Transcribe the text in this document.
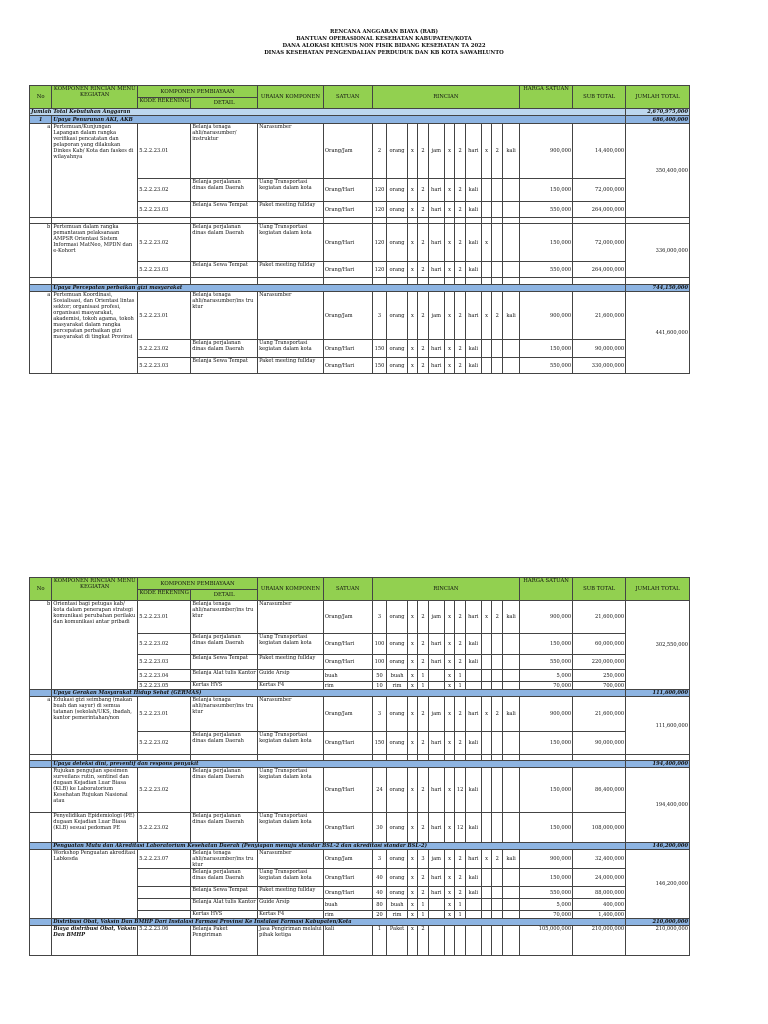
RENCANA ANGGARAN BIAYA (RAB)
BANTUAN OPERASIONAL KESEHATAN KABUPATEN/KOTA
DANA ALOKASI KHUSUS NON FISIK BIDANG KESEHATAN TA 2022
DINAS KESEHATAN PENGENDALIAN PERDUDUK DAN KB KOTA SAWAHLUNTO
No	KOMPONEN RINCIAN MENU KEGIATAN	KOMPONEN PEMBIAYAAN		URAIAN KOMPONEN	SATUAN	RINCIAN											HARGA SATUAN	SUB TOTAL	JUMLAH TOTAL
		KODE REKENING	DETAIL																
Jumlah Total Kebutuhan Anggaran																			2,670,975,000
1	Upaya Penurunan AKI, AKB																		686,400,000
a	Pertemuan/Kunjungan Lapangan dalam rangka verifikasi pencatatan dan pelaporan yang dilakukan Dinkes Kab/ Kota dan faskes di wilayahnya	5.2.2.23.01	Belanja tenaga ahli/narasumber/ instruktur	Narasumber	Orang/Jam	2	orang	x	2	jam	x	2	hari	x	2	kali	900,000	14,400,000	350,400,000
		5.2.2.23.02	Belanja perjalanan dinas dalam Daerah	Uang Transportasi kegiatan dalam kota	Orang/Hari	120	orang	x	2	hari	x	2	kali				150,000	72,000,000	
		5.2.2.23.03	Belanja Sewa Tempat	Paket meeting fullday	Orang/Hari	120	orang	x	2	hari	x	2	kali				550,000	264,000,000	

b	Pertemuan dalam rangka pemantauan pelaksanaan AMPSR Orientasi Sistem Informasi MatNeo, MPDN dan e-Kohort	5.2.2.23.02	Belanja perjalanan dinas dalam Daerah	Uang Transportasi kegiatan dalam kota	Orang/Hari	120	orang	x	2	hari	x	2	kali	x			150,000	72,000,000	336,000,000
		5.2.2.23.03	Belanja Sewa Tempat	Paket meeting fullday	Orang/Hari	120	orang	x	2	hari	x	2	kali				550,000	264,000,000	

	Upaya Percepatan perbaikan gizi masyarakat																		744,150,000
a	Pertemuan Koordinasi, Sosialisasi, dan Orientasi lintas sektor; organisasi profesi, organisasi masyarakat, akademisi, tokoh agama, tokoh masyarakat dalam rangka percepatan perbaikan gizi masyarakat di tingkat Provinsi	5.2.2.23.01	Belanja tenaga ahli/narasumber/ins tru ktur	Narasumber	Orang/Jam	3	orang	x	2	jam	x	2	hari	x	2	kali	900,000	21,600,000	441,600,000
		5.2.2.23.02	Belanja perjalanan dinas dalam Daerah	Uang Transportasi kegiatan dalam kota	Orang/Hari	150	orang	x	2	hari	x	2	kali				150,000	90,000,000	
		5.2.2.23.03	Belanja Sewa Tempat	Paket meeting fullday	Orang/Hari	150	orang	x	2	hari	x	2	kali				550,000	330,000,000	
No	KOMPONEN RINCIAN MENU KEGIATAN	KOMPONEN PEMBIAYAAN		URAIAN KOMPONEN	SATUAN	RINCIAN											HARGA SATUAN	SUB TOTAL	JUMLAH TOTAL
		KODE REKENING	DETAIL																
b	Orientasi bagi petugas kab/ kota dalam penerapan strategi komunikasi perubahan perilaku dan komunikasi antar pribadi	5.2.2.23.01	Belanja tenaga ahli/narasumber/ins tru ktur	Narasumber	Orang/Jam	3	orang	x	2	jam	x	2	hari	x	2	kali	900,000	21,600,000	302,550,000
		5.2.2.23.02	Belanja perjalanan dinas dalam Daerah	Uang Transportasi kegiatan dalam kota	Orang/Hari	100	orang	x	2	hari	x	2	kali				150,000	60,000,000	
		5.2.2.23.03	Belanja Sewa Tempat	Paket meeting fullday	Orang/Hari	100	orang	x	2	hari	x	2	kali				550,000	220,000,000	
		5.2.2.23.04	Belanja Alat tulis Kantor	Guide Arsip	buah	50	buah	x	1		x	1					5,000	250,000	
		5.2.2.23.05	Kertas HVS	Kertas F4	rim	10	rim	x	1		x	1					70,000	700,000	
	Upaya Gerakan Masyarakat Hidup Sehat (GERMAS)																		111,600,000
a	Edukasi gizi seimbang (makan buah dan sayur) di semua tatanan (sekolah/UKS, ibadah, kantor pemerintahan/non	5.2.2.23.01	Belanja tenaga ahli/narasumber/ins tru ktur	Narasumber	Orang/Jam	3	orang	x	2	jam	x	2	hari	x	2	kali	900,000	21,600,000	111,600,000
		5.2.2.23.02	Belanja perjalanan dinas dalam Daerah	Uang Transportasi kegiatan dalam kota	Orang/Hari	150	orang	x	2	hari	x	2	kali				150,000	90,000,000	

	Upaya deteksi dini, preventif dan respons penyakit																		194,400,000
	Rujukan pengujian spesimen surveilans rutin, sentinel dan dugaan Kejadian Luar Biasa (KLB) ke Laboratorium Kesehatan Rujukan Nasional atau	5.2.2.23.02	Belanja perjalanan dinas dalam Daerah	Uang Transportasi kegiatan dalam kota	Orang/Hari	24	orang	x	2	hari	x	12	kali				150,000	86,400,000	194,400,000
	Penyelidikan Epidemiologi (PE) dugaan Kejadian Luar Biasa (KLB) sesuai pedoman PE	5.2.2.23.02	Belanja perjalanan dinas dalam Daerah	Uang Transportasi kegiatan dalam kota	Orang/Hari	30	orang	x	2	hari	x	12	kali				150,000	108,000,000	
	Penguatan Mutu dan Akreditasi Laboratorium Kesehatan Daerah (Penyiapan menuju standar BSL-2 dan akreditasi standar BSL-2)																		146,200,000
	Workshop Penguatan akreditasi Labkesda	5.2.2.23.07	Belanja tenaga ahli/narasumber/ins tru ktur	Narasumber	Orang/Jam	3	orang	x	3	jam	x	2	hari	x	2	kali	900,000	32,400,000	146,200,000
			Belanja perjalanan dinas dalam Daerah	Uang Transportasi kegiatan dalam kota	Orang/Hari	40	orang	x	2	hari	x	2	kali				150,000	24,000,000	
			Belanja Sewa Tempat	Paket meeting fullday	Orang/Hari	40	orang	x	2	hari	x	2	kali				550,000	88,000,000	
			Belanja Alat tulis Kantor	Guide Arsip	buah	80	buah	x	1		x	1					5,000	400,000	
			Kertas HVS	Kertas F4	rim	20	rim	x	1		x	1					70,000	1,400,000	
	Distribusi Obat, Vaksin Dan BMHP Dari Instalasi Farmasi Provinsi Ke Instalasi Farmasi Kabupaten/Kota																		210,000,000
	Biaya distribusi Obat, Vaksin Dan BMHP	5.2.2.23.06	Belanja Paket Pengiriman	Jasa Pengiriman melalui pihak ketiga	kali	1	Paket	x	2								105,000,000	210,000,000	210,000,000
